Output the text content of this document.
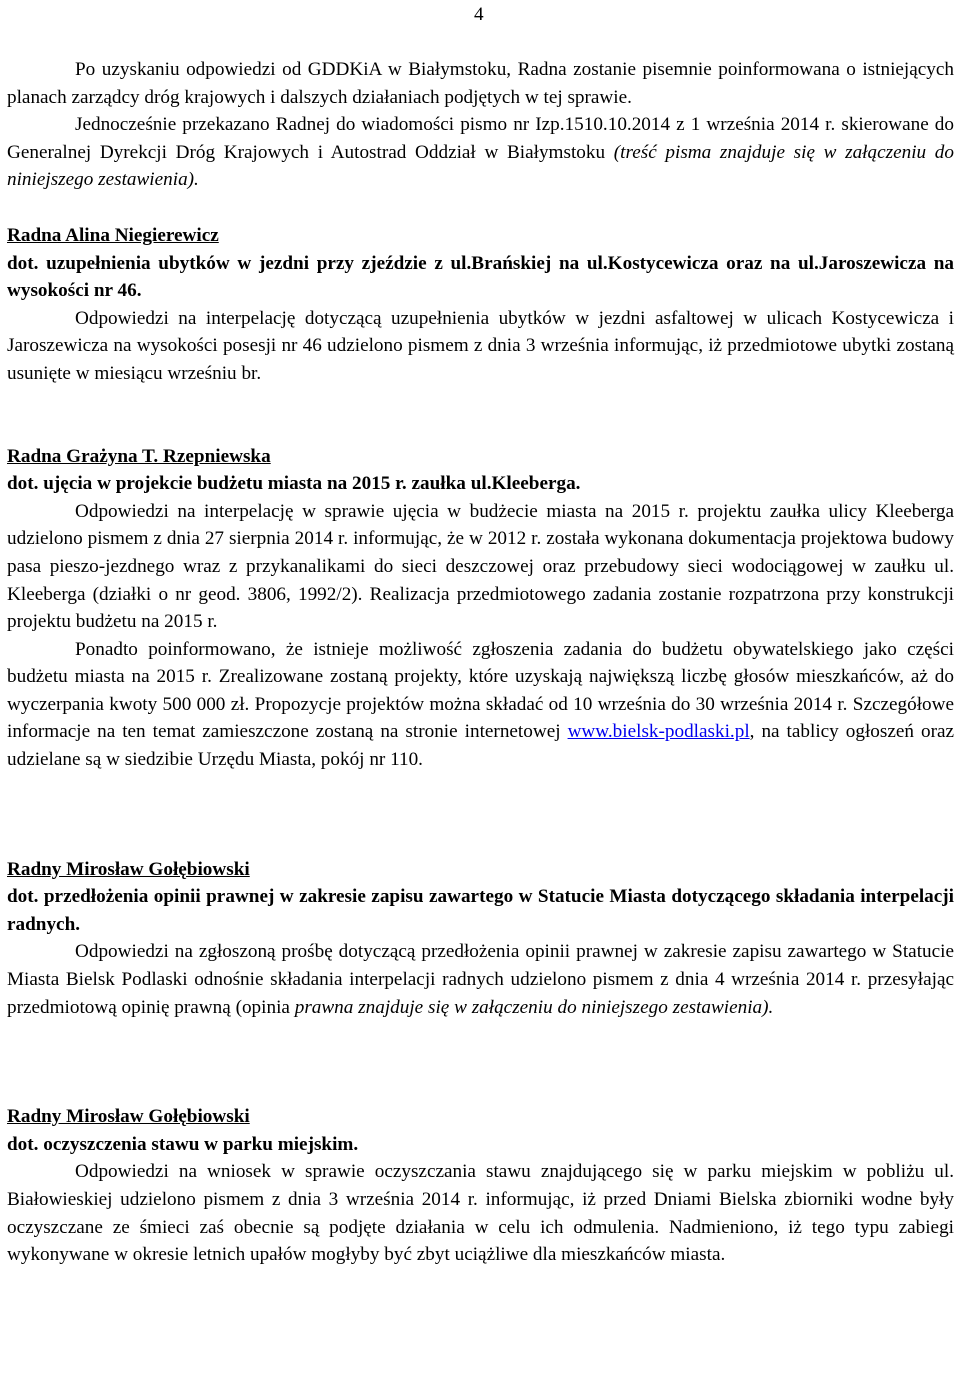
4

Po uzyskaniu odpowiedzi od GDDKiA w Białymstoku, Radna zostanie pisemnie poinformowana o istniejących planach zarządcy dróg krajowych i dalszych działaniach podjętych w tej sprawie.

Jednocześnie przekazano Radnej do wiadomości pismo nr Izp.1510.10.2014 z 1 września 2014 r. skierowane do Generalnej Dyrekcji Dróg Krajowych i Autostrad Oddział w Białymstoku (treść pisma znajduje się w załączeniu do niniejszego zestawienia).

Radna Alina Niegierewicz

dot. uzupełnienia ubytków w jezdni przy zjeździe z ul.Brańskiej na ul.Kostycewicza oraz na ul.Jaroszewicza na wysokości nr 46.

Odpowiedzi na interpelację dotyczącą uzupełnienia ubytków w jezdni asfaltowej w ulicach Kostycewicza i Jaroszewicza na wysokości posesji nr 46 udzielono pismem z dnia 3 września informując, iż przedmiotowe ubytki zostaną usunięte w miesiącu wrześniu br.

Radna Grażyna T. Rzepniewska

dot. ujęcia w projekcie budżetu miasta na 2015 r. zaułka ul.Kleeberga.

Odpowiedzi na interpelację w sprawie ujęcia w budżecie miasta na 2015 r. projektu zaułka ulicy Kleeberga udzielono pismem z dnia 27 sierpnia 2014 r. informując, że w 2012 r. została wykonana dokumentacja projektowa budowy pasa pieszo-jezdnego wraz z przykanalikami do sieci deszczowej oraz przebudowy sieci wodociągowej w zaułku ul. Kleeberga (działki o nr geod. 3806, 1992/2). Realizacja przedmiotowego zadania zostanie rozpatrzona przy konstrukcji projektu budżetu na 2015 r.

Ponadto poinformowano, że istnieje możliwość zgłoszenia zadania do budżetu obywatelskiego jako części budżetu miasta na 2015 r. Zrealizowane zostaną projekty, które uzyskają największą liczbę głosów mieszkańców, aż do wyczerpania kwoty 500 000 zł. Propozycje projektów można składać od 10 września do 30 września 2014 r. Szczegółowe informacje na ten temat zamieszczone zostaną na stronie internetowej www.bielsk-podlaski.pl, na tablicy ogłoszeń oraz udzielane są w siedzibie Urzędu Miasta, pokój nr 110.

Radny Mirosław Gołębiowski

dot. przedłożenia opinii prawnej w zakresie zapisu zawartego w Statucie Miasta dotyczącego składania interpelacji radnych.

Odpowiedzi na zgłoszoną prośbę dotyczącą przedłożenia opinii prawnej w zakresie zapisu zawartego w Statucie Miasta Bielsk Podlaski odnośnie składania interpelacji radnych udzielono pismem z dnia 4 września 2014 r. przesyłając przedmiotową opinię prawną (opinia prawna znajduje się w załączeniu do niniejszego zestawienia).

Radny Mirosław Gołębiowski

dot. oczyszczenia stawu w parku miejskim.

Odpowiedzi na wniosek w sprawie oczyszczania stawu znajdującego się w parku miejskim w pobliżu ul. Białowieskiej udzielono pismem z dnia 3 września 2014 r. informując, iż przed Dniami Bielska zbiorniki wodne były oczyszczane ze śmieci zaś obecnie są podjęte działania w celu ich odmulenia. Nadmieniono, iż tego typu zabiegi wykonywane w okresie letnich upałów mogłyby być zbyt uciążliwe dla mieszkańców miasta.
